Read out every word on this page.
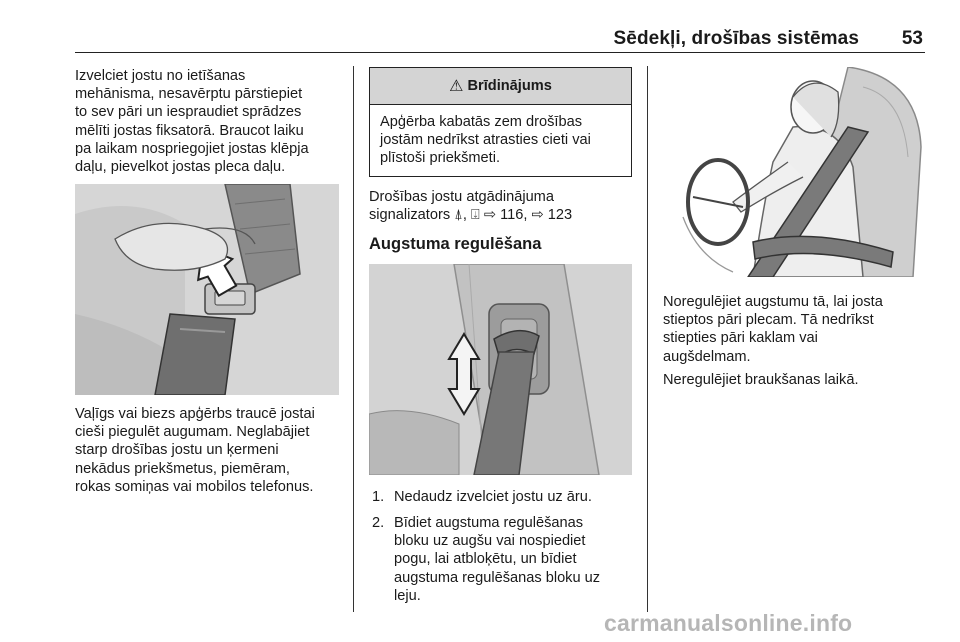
Sēdekļi, drošības sistēmas 53
Izvelciet jostu no ietīšanas
mehānisma, nesavērptu pārstiepiet
to sev pāri un iespraudiet sprādzes
mēlīti jostas fiksatorā. Braucot laiku
pa laikam nospriegojiet jostas klēpja
daļu, pievelkot jostas pleca daļu.
Vaļīgs vai biezs apģērbs traucē jostai
cieši piegulēt augumam. Neglabājiet
starp drošības jostu un ķermeni
nekādus priekšmetus, piemēram,
rokas somiņas vai mobilos telefonus.
⚠ Brīdinājums
Apģērba kabatās zem drošības
jostām nedrīkst atrasties cieti vai
plīstoši priekšmeti.
Drošības jostu atgādinājuma
signalizators ⍋, ⍗ ⇨ 116, ⇨ 123
Augstuma regulēšana
1. Nedaudz izvelciet jostu uz āru.
2. Bīdiet augstuma regulēšanas
bloku uz augšu vai nospiediet
pogu, lai atbloķētu, un bīdiet
augstuma regulēšanas bloku uz
leju.
Noregulējiet augstumu tā, lai josta
stieptos pāri plecam. Tā nedrīkst
stiepties pāri kaklam vai
augšdelmam.
Neregulējiet braukšanas laikā.
carmanualsonline.info
